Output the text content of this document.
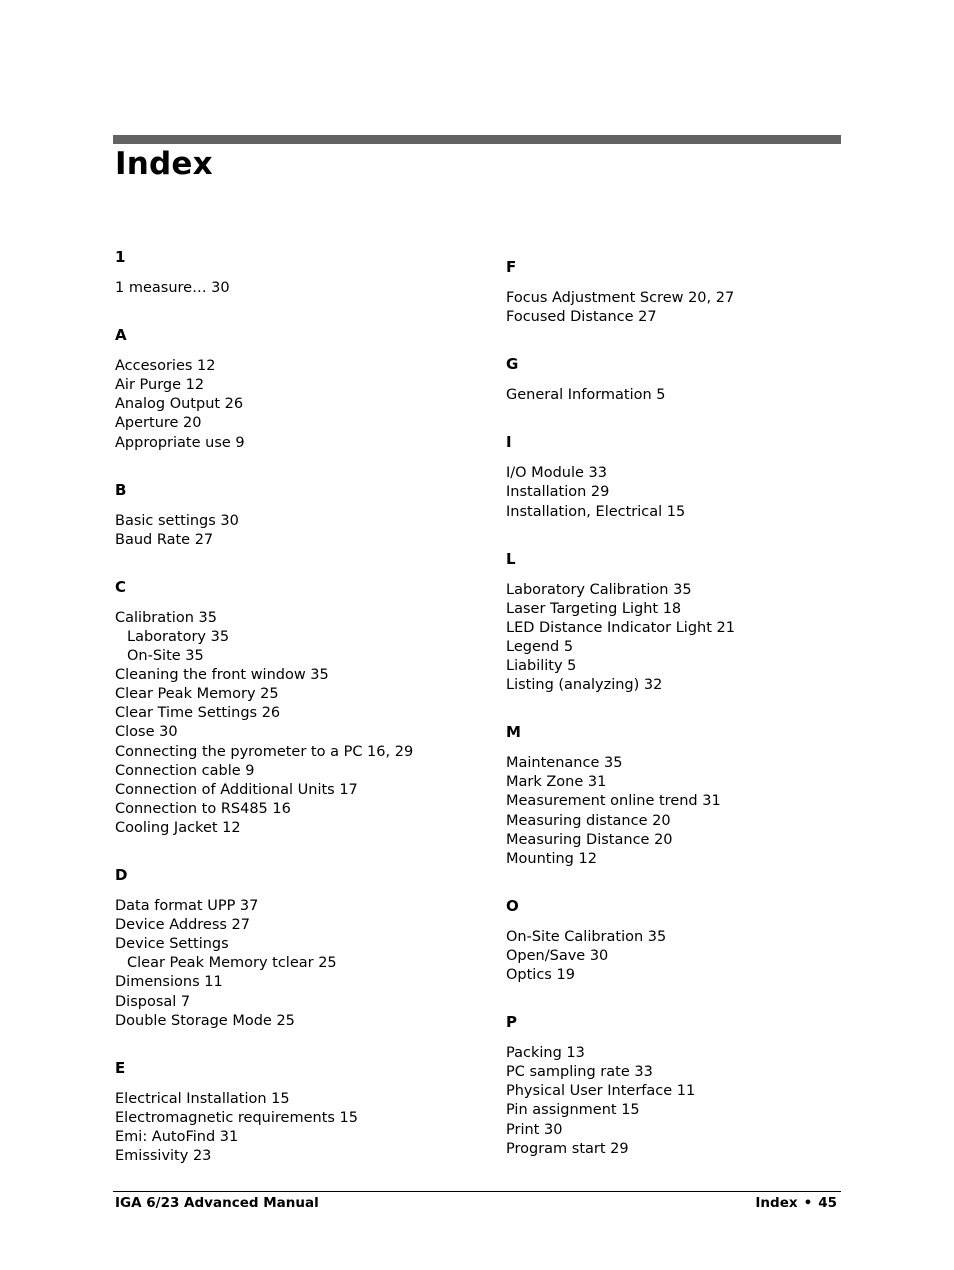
Index
1
1 measure… 30
A
Accesories 12
Air Purge 12
Analog Output 26
Aperture 20
Appropriate use 9
B
Basic settings 30
Baud Rate 27
C
Calibration 35
Laboratory 35
On-Site 35
Cleaning the front window 35
Clear Peak Memory 25
Clear Time Settings 26
Close 30
Connecting the pyrometer to a PC 16, 29
Connection cable 9
Connection of Additional Units 17
Connection to RS485 16
Cooling Jacket 12
D
Data format UPP 37
Device Address 27
Device Settings
Clear Peak Memory tclear 25
Dimensions 11
Disposal 7
Double Storage Mode 25
E
Electrical Installation 15
Electromagnetic requirements 15
Emi: AutoFind 31
Emissivity 23
F
Focus Adjustment Screw 20, 27
Focused Distance 27
G
General Information 5
I
I/O Module 33
Installation 29
Installation, Electrical 15
L
Laboratory Calibration 35
Laser Targeting Light 18
LED Distance Indicator Light 21
Legend 5
Liability 5
Listing (analyzing) 32
M
Maintenance 35
Mark Zone 31
Measurement online trend 31
Measuring distance 20
Measuring Distance 20
Mounting 12
O
On-Site Calibration 35
Open/Save 30
Optics 19
P
Packing 13
PC sampling rate 33
Physical User Interface 11
Pin assignment 15
Print 30
Program start 29
IGA 6/23 Advanced Manual	Index • 45
